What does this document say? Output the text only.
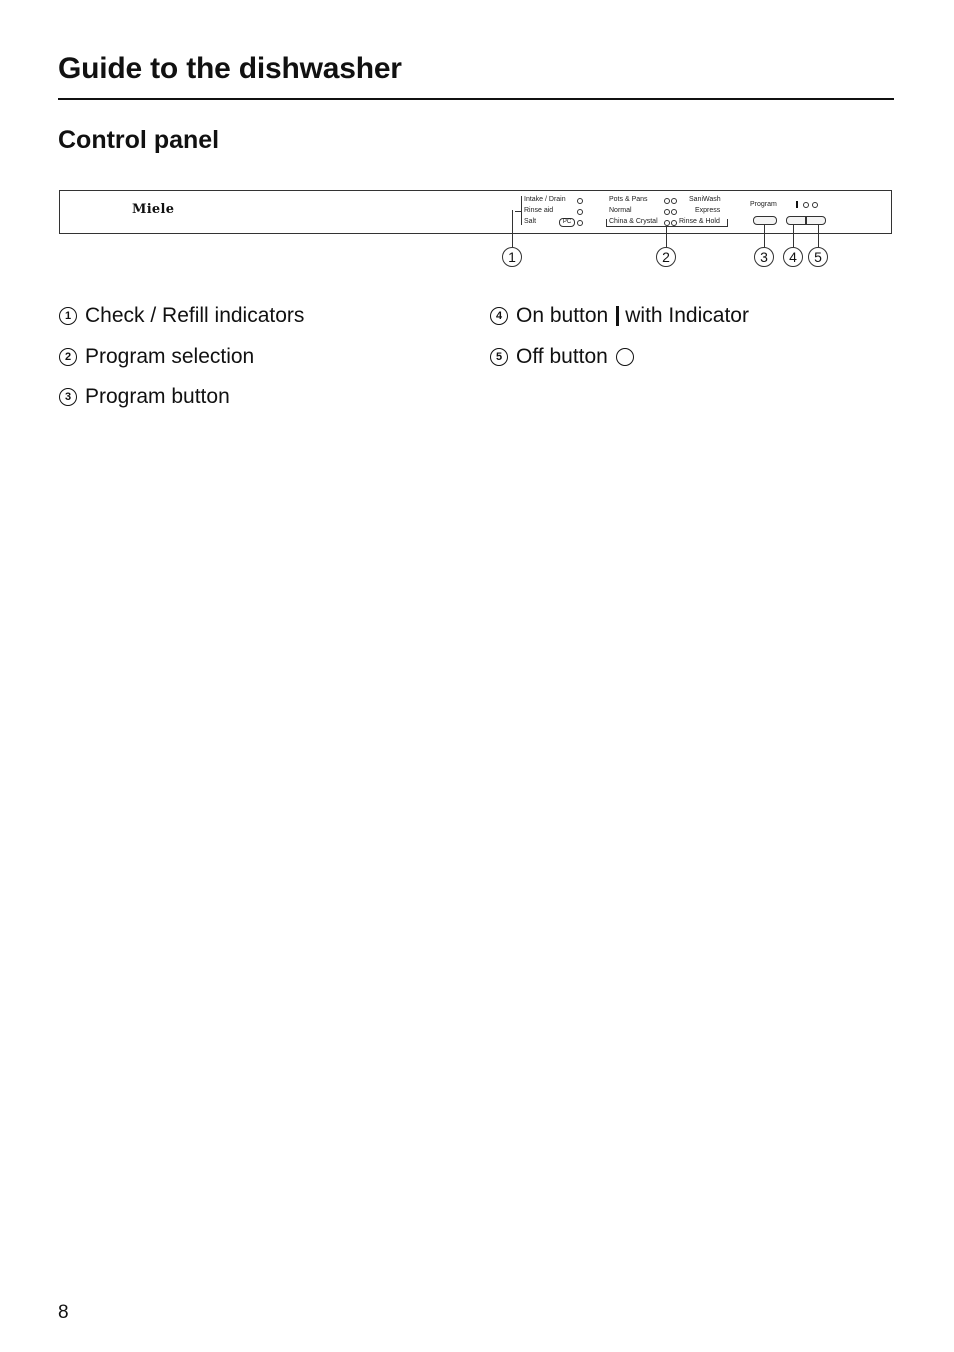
Guide to the dishwasher
Control panel
Miele
Intake / Drain
Rinse aid
Salt	PC
Pots & Pans
Normal
China & Crystal
SaniWash
Express
Rinse & Hold
Program
1	2	3	4	5
1 Check / Refill indicators
2 Program selection
3 Program button
4 On button with Indicator
5 Off button
8
